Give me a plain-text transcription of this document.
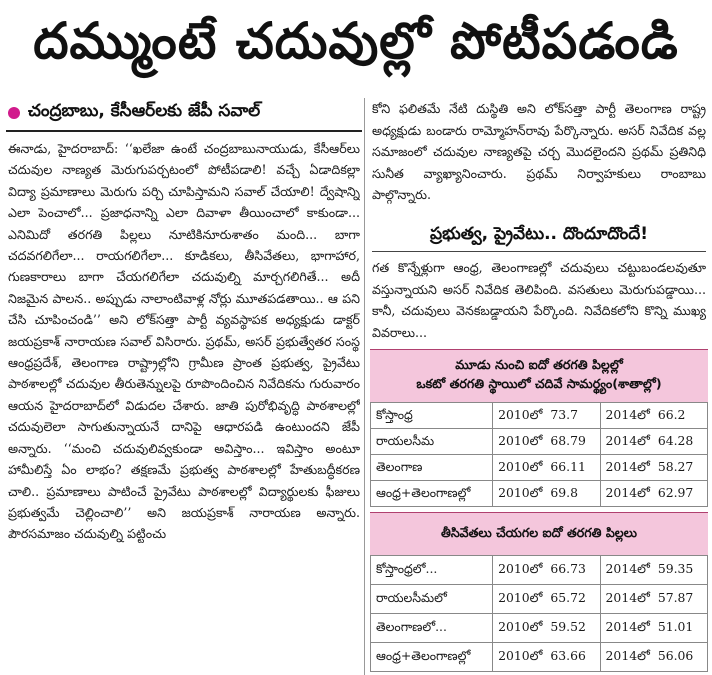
దమ్ముంటే చదువుల్లో పోటీపడండి
చంద్రబాబు, కేసీఆర్‌లకు జేపీ సవాల్

ఈనాడు, హైదరాబాద్‌: ‘‘ఖలేజా ఉంటే చంద్రబాబునాయుడు, కేసీఆర్‌లు చదువుల నాణ్యత మెరుగుపర్చటంలో పోటీపడాలి! వచ్చే ఏడాదికల్లా విద్యా ప్రమాణాలు మెరుగు పర్చి చూపిస్తామని సవాల్‌ చేయాలి! ద్వేషాన్ని ఎలా పెంచాలో... ప్రజాధనాన్ని ఎలా దివాళా తీయించాలో కాకుండా... ఎనిమిదో తరగతి పిల్లలు నూటికినూరుశాతం మంది... బాగా చదవగలిగేలా... రాయగలిగేలా... కూడికలు, తీసివేతలు, భాగాహార, గుణకారాలు బాగా చేయగలిగేలా చదువుల్ని మార్చగలిగితే... అదీ నిజమైన పాలన.. అప్పుడు నాలాంటివాళ్ల నోర్లు మూతపడతాయి.. ఆ పని చేసి చూపించండి’’ అని లోక్‌సత్తా పార్టీ వ్యవస్థాపక అధ్యక్షుడు డాక్టర్‌ జయప్రకాశ్‌ నారాయణ సవాల్‌ విసిరారు. ప్రథమ్‌, అసర్‌ ప్రభుత్వేతర సంస్థ ఆంధ్రప్రదేశ్‌, తెలంగాణ రాష్ట్రాల్లోని గ్రామీణ ప్రాంత ప్రభుత్వ, ప్రైవేటు పాఠశాలల్లో చదువుల తీరుతెన్నులపై రూపొందించిన నివేదికను గురువారం ఆయన హైదరాబాద్‌లో విడుదల చేశారు. జాతి పురోభివృద్ధి పాఠశాలల్లో చదువులెలా సాగుతున్నాయనే దానిపై ఆధారపడి ఉంటుందని జేపీ అన్నారు. ‘‘మంచి చదువులివ్వకుండా అవిస్తాం... ఇవిస్తాం అంటూ హామీలిస్తే ఏం లాభం? తక్షణమే ప్రభుత్వ పాఠశాలల్లో హేతుబద్ధీకరణ చాలి.. ప్రమాణాలు పాటించే ప్రైవేటు పాఠశాలల్లో విద్యార్థులకు ఫీజులు ప్రభుత్వమే చెల్లించాలి’’ అని జయప్రకాశ్‌ నారాయణ అన్నారు. పౌరసమాజం చదువుల్ని పట్టించు

కోని ఫలితమే నేటి దుస్థితి అని లోక్‌సత్తా పార్టీ తెలంగాణ రాష్ట్ర అధ్యక్షుడు బండారు రామ్మోహన్‌రావు పేర్కొన్నారు. అసర్‌ నివేదిక వల్ల సమాజంలో చదువుల నాణ్యతపై చర్చ మొదలైందని ప్రథమ్‌ ప్రతినిధి సునీత వ్యాఖ్యానించారు. ప్రథమ్‌ నిర్వాహకులు రాంబాబు పాల్గొన్నారు.

ప్రభుత్వ, ప్రైవేటు.. దొందూదొందే!

గత కొన్నేళ్లుగా ఆంధ్ర, తెలంగాణల్లో చదువులు చట్టుబండలవుతూ వస్తున్నాయని అసర్‌ నివేదిక తెలిపింది. వసతులు మెరుగుపడ్డాయి... కానీ, చదువులు వెనకబడ్డాయని పేర్కొంది. నివేదికలోని కొన్ని ముఖ్య వివరాలు...

మూడు నుంచి ఐదో తరగతి పిల్లల్లో
ఒకటో తరగతి స్థాయిలో చదివే సామర్థ్యం(శాతాల్లో)
కోస్తాంధ్ర	2010లో 73.7	2014లో 66.2
రాయలసీమ	2010లో 68.79	2014లో 64.28
తెలంగాణ	2010లో 66.11	2014లో 58.27
ఆంధ్ర+తెలంగాణల్లో	2010లో 69.8	2014లో 62.97
తీసివేతలు చేయగల ఐదో తరగతి పిల్లలు
కోస్తాంధ్రలో...	2010లో 66.73	2014లో 59.35
రాయలసీమలో	2010లో 65.72	2014లో 57.87
తెలంగాణలో...	2010లో 59.52	2014లో 51.01
ఆంధ్ర+తెలంగాణల్లో	2010లో 63.66	2014లో 56.06
